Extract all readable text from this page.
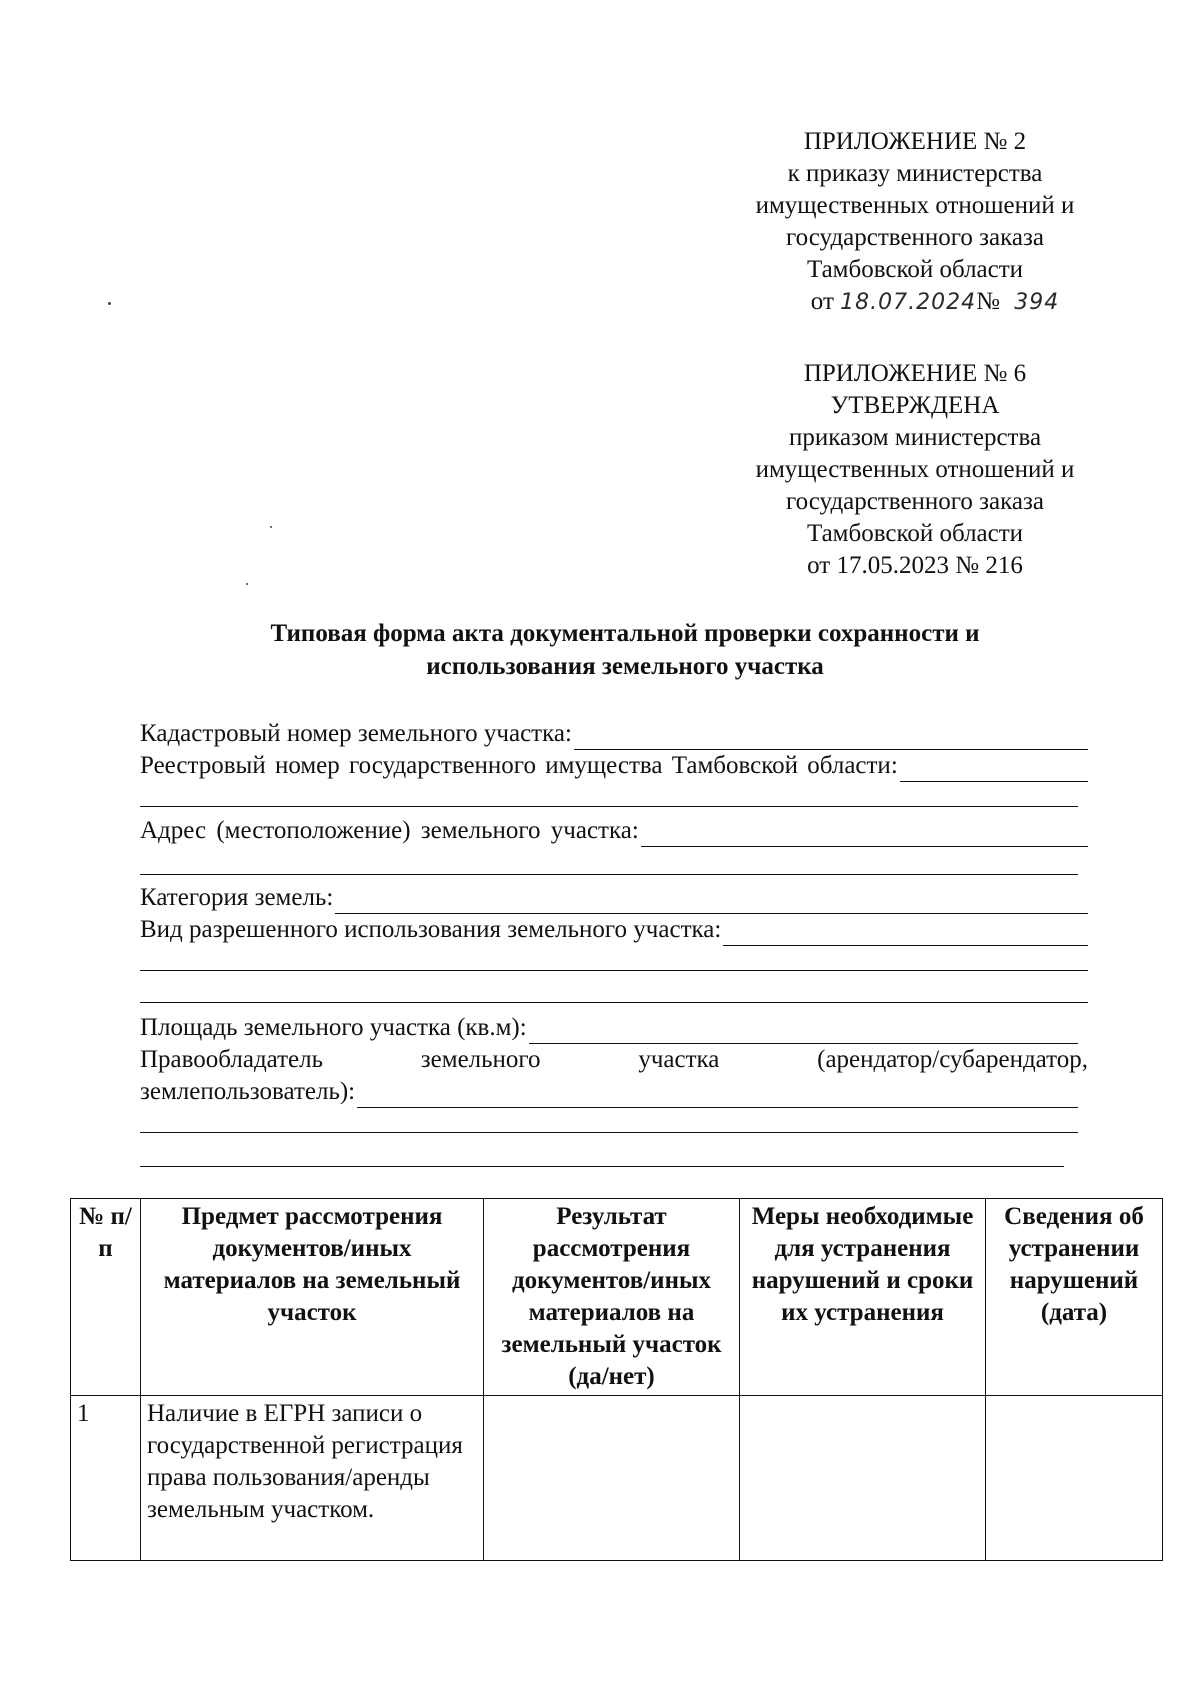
ПРИЛОЖЕНИЕ № 2
к приказу министерства
имущественных отношений и
государственного заказа
Тамбовской области
от 18.07.2024№ 394
ПРИЛОЖЕНИЕ № 6
УТВЕРЖДЕНА
приказом министерства
имущественных отношений и
государственного заказа
Тамбовской области
от 17.05.2023 № 216
Типовая форма акта документальной проверки сохранности и
использования земельного участка
Кадастровый номер земельного участка:
Реестровый номер государственного имущества Тамбовской области:
Адрес (местоположение) земельного участка:
Категория земель:
Вид разрешенного использования земельного участка:
Площадь земельного участка (кв.м):
Правообладатель	земельного	участка	(арендатор/субарендатор,
землепользователь):
№ п/п	Предмет рассмотрения документов/иных материалов на земельный участок	Результат рассмотрения документов/иных материалов на земельный участок (да/нет)	Меры необходимые для устранения нарушений и сроки их устранения	Сведения об устранении нарушений (дата)
1	Наличие в ЕГРН записи о государственной регистрация права пользования/аренды земельным участком.			
